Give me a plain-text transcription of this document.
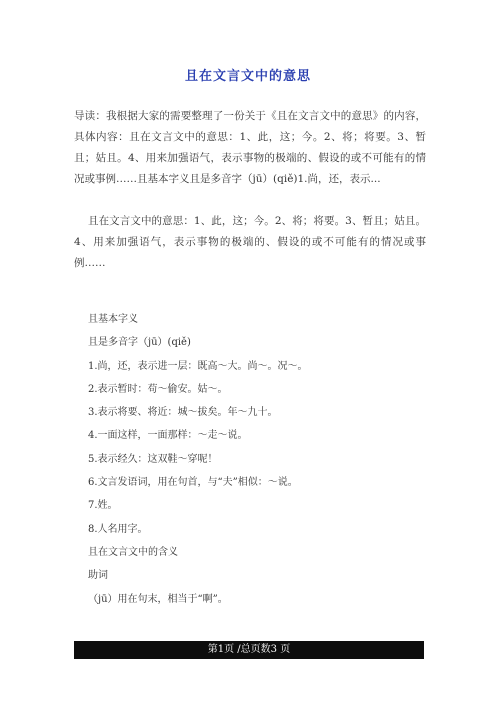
且在文言文中的意思

导读：我根据大家的需要整理了一份关于《且在文言文中的意思》的内容，具体内容：且在文言文中的意思：1、此，这；今。2、将；将要。3、暂且；姑且。4、用来加强语气，表示事物的极端的、假设的或不可能有的情况或事例……且基本字义且是多音字（jū）(qiě)1.尚，还，表示...

且在文言文中的意思：1、此，这；今。2、将；将要。3、暂且；姑且。4、用来加强语气，表示事物的极端的、假设的或不可能有的情况或事例……

且基本字义
且是多音字（jū）(qiě)
1.尚，还，表示进一层：既高～大。尚～。况～。
2.表示暂时：苟～偷安。姑～。
3.表示将要、将近：城～拔矣。年～九十。
4.一面这样，一面那样：～走～说。
5.表示经久：这双鞋～穿呢！
6.文言发语词，用在句首，与“夫”相似：～说。
7.姓。
8.人名用字。
且在文言文中的含义
助词
（jū）用在句末，相当于“啊”。
第1页 /总页数3 页
